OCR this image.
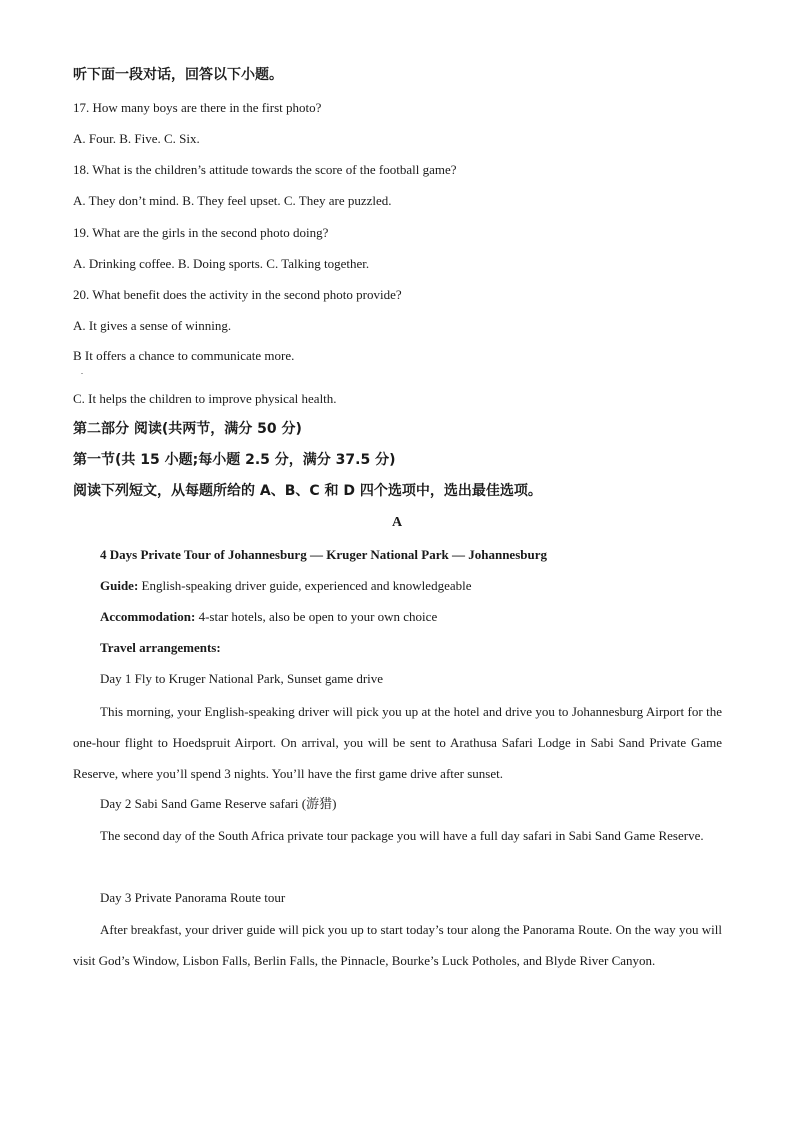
听下面一段对话，回答以下小题。
17. How many boys are there in the first photo?
A. Four. B. Five. C. Six.
18. What is the children’s attitude towards the score of the football game?
A. They don’t mind. B. They feel upset. C. They are puzzled.
19. What are the girls in the second photo doing?
A. Drinking coffee. B. Doing sports. C. Talking together.
20. What benefit does the activity in the second photo provide?
A. It gives a sense of winning.
B It offers a chance to communicate more.
.
C. It helps the children to improve physical health.
第二部分 阅读(共两节，满分 50 分)
第一节(共 15 小题;每小题 2.5 分，满分 37.5 分)
阅读下列短文，从每题所给的 A、B、C 和 D 四个选项中，选出最佳选项。
A
4 Days Private Tour of Johannesburg — Kruger National Park — Johannesburg
Guide: English-speaking driver guide, experienced and knowledgeable
Accommodation: 4-star hotels, also be open to your own choice
Travel arrangements:
Day 1 Fly to Kruger National Park, Sunset game drive

This morning, your English-speaking driver will pick you up at the hotel and drive you to Johannesburg Airport for the one-hour flight to Hoedspruit Airport. On arrival, you will be sent to Arathusa Safari Lodge in Sabi Sand Private Game Reserve, where you’ll spend 3 nights. You’ll have the first game drive after sunset.

Day 2 Sabi Sand Game Reserve safari (游猎)

The second day of the South Africa private tour package you will have a full day safari in Sabi Sand Game Reserve.

Day 3 Private Panorama Route tour

After breakfast, your driver guide will pick you up to start today’s tour along the Panorama Route. On the way you will visit God’s Window, Lisbon Falls, Berlin Falls, the Pinnacle, Bourke’s Luck Potholes, and Blyde River Canyon.
